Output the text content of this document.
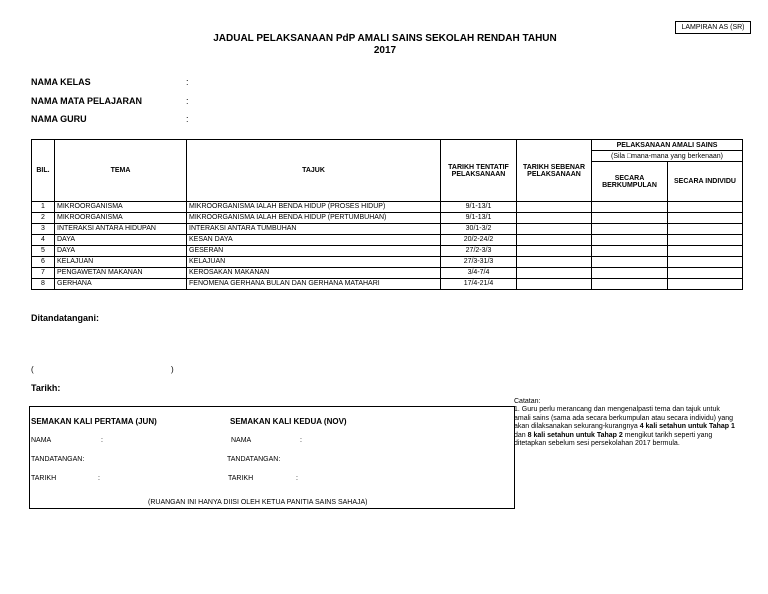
LAMPIRAN AS (SR)
JADUAL PELAKSANAAN PdP AMALI SAINS SEKOLAH RENDAH TAHUN
2017
NAMA KELAS	:
NAMA MATA PELAJARAN	:
NAMA GURU	:
BIL.	TEMA	TAJUK	TARIKH TENTATIF PELAKSANAAN	TARIKH SEBENAR PELAKSANAAN	PELAKSANAAN AMALI SAINS	
					(Sila □mana-mana yang berkenaan)	
					SECARA BERKUMPULAN	SECARA INDIVIDU
1	MIKROORGANISMA	MIKROORGANISMA IALAH BENDA HIDUP (PROSES HIDUP)	9/1-13/1			
2	MIKROORGANISMA	MIKROORGANISMA IALAH BENDA HIDUP (PERTUMBUHAN)	9/1-13/1			
3	INTERAKSI ANTARA HIDUPAN	INTERAKSI ANTARA TUMBUHAN	30/1-3/2			
4	DAYA	KESAN DAYA	20/2-24/2			
5	DAYA	GESERAN	27/2-3/3			
6	KELAJUAN	KELAJUAN	27/3-31/3			
7	PENGAWETAN MAKANAN	KEROSAKAN MAKANAN	3/4-7/4			
8	GERHANA	FENOMENA GERHANA BULAN DAN GERHANA MATAHARI	17/4-21/4			
Ditandatangani:
(	)
Tarikh:
SEMAKAN KALI PERTAMA (JUN)	SEMAKAN KALI KEDUA (NOV)
NAMA	:	NAMA	:
TANDATANGAN:	TANDATANGAN:
TARIKH	:	TARIKH	:
(RUANGAN INI HANYA DIISI OLEH KETUA PANITIA SAINS SAHAJA)
Catatan:
1. Guru perlu merancang dan mengenalpasti tema dan tajuk untuk amali sains (sama ada secara berkumpulan atau secara individu) yang akan dilaksanakan sekurang-kurangnya 4 kali setahun untuk Tahap 1 dan 8 kali setahun untuk Tahap 2 mengikut tarikh seperti yang ditetapkan sebelum sesi persekolahan 2017 bermula.
